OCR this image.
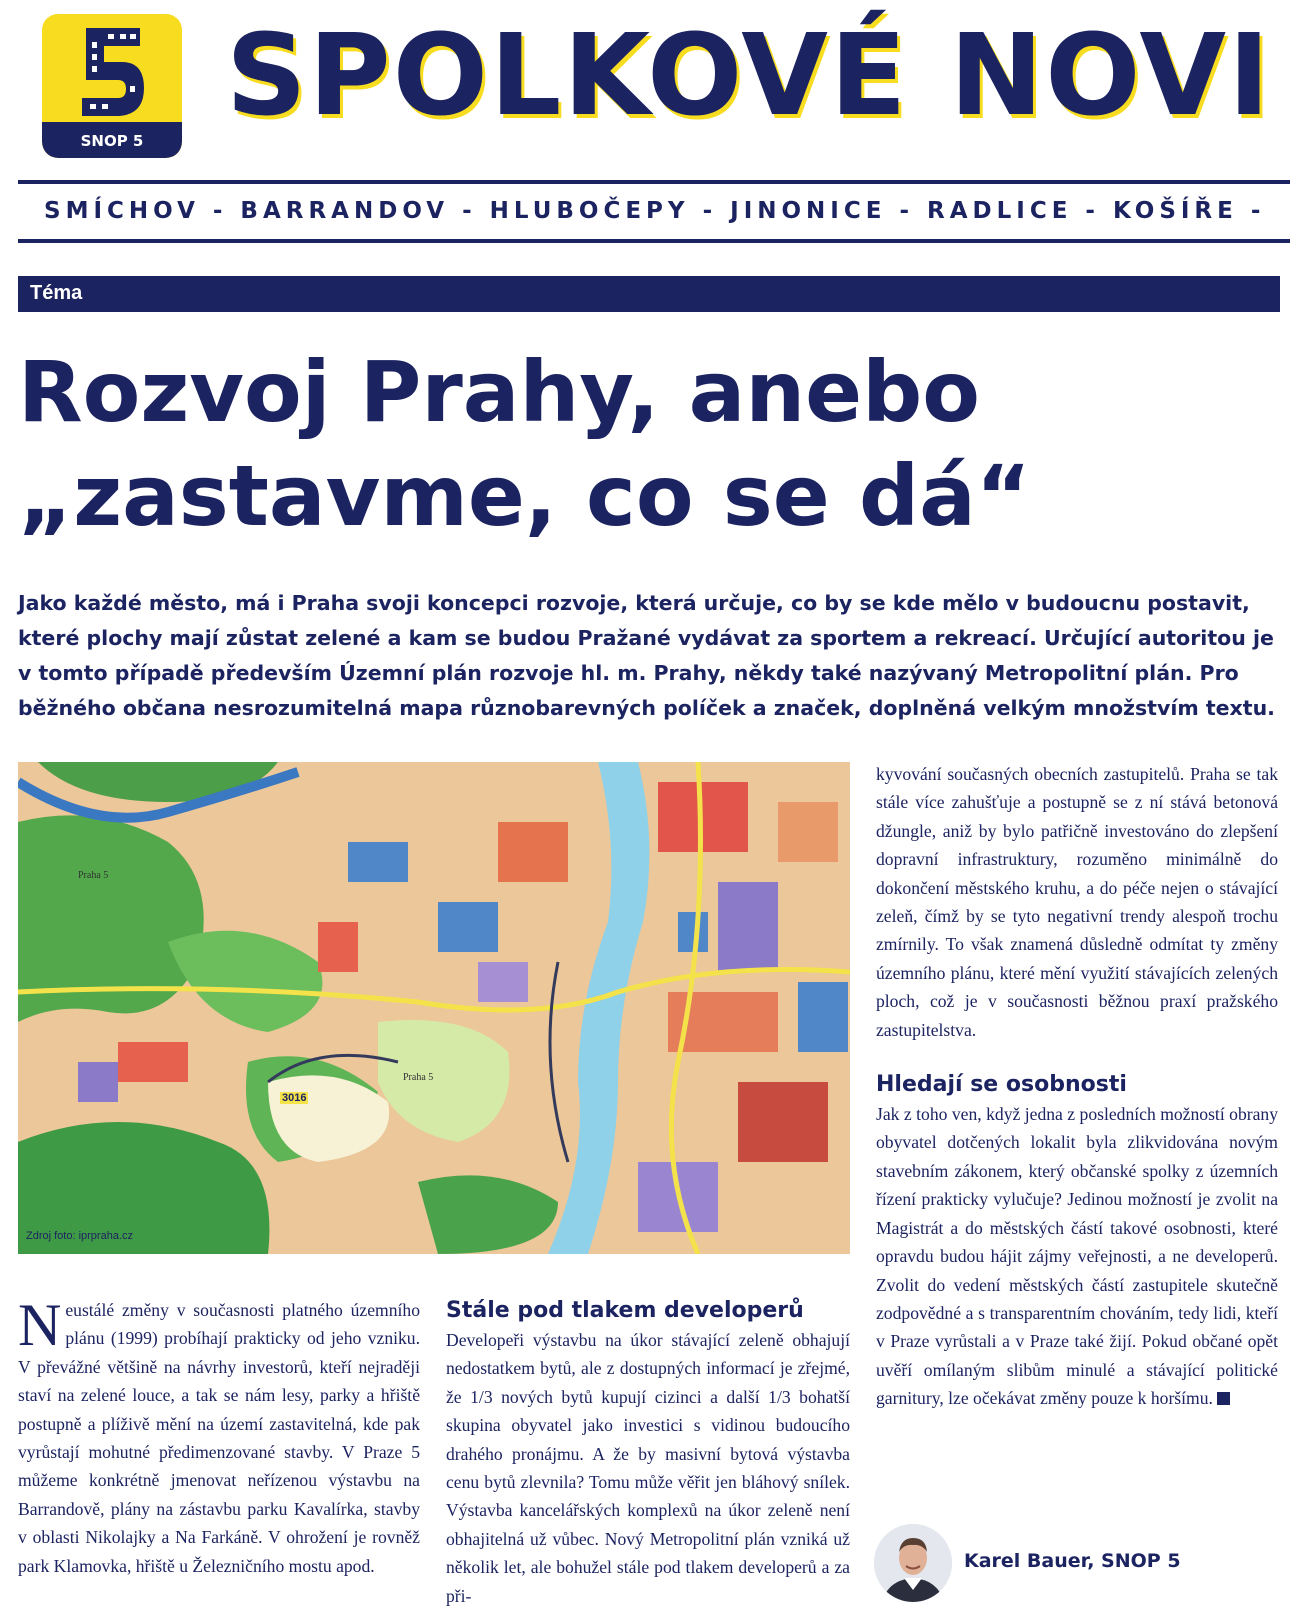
SNOP 5 SPOLKOVÉ NOVI
SMÍCHOV - BARRANDOV - HLUBOČEPY - JINONICE - RADLICE - KOŠÍŘE -
Téma
Rozvoj Prahy, anebo
„zastavme, co se dá“

Jako každé město, má i Praha svoji koncepci rozvoje, která určuje, co by se kde mělo v budoucnu postavit, které plochy mají zůstat zelené a kam se budou Pražané vydávat za sportem a rekreací. Určující autoritou je v tomto případě především Územní plán rozvoje hl. m. Prahy, někdy také nazývaný Metropolitní plán. Pro běžného občana nesrozumitelná mapa různobarevných políček a značek, doplněná velkým množstvím textu.

Praha 5
Praha 5
3016
Zdroj foto: iprpraha.cz
N eustálé změny v současnosti platného územního plánu (1999) probíhají prakticky od jeho vzniku. V převážné většině na návrhy investorů, kteří nejraději staví na zelené louce, a tak se nám lesy, parky a hřiště postupně a plíživě mění na území zastavitelná, kde pak vyrůstají mohutné předimenzované stavby. V Praze 5 můžeme konkrétně jmenovat neřízenou výstavbu na Barrandově, plány na zástavbu parku Kavalírka, stavby v oblasti Nikolajky a Na Farkáně. V ohrožení je rovněž park Klamovka, hřiště u Železničního mostu apod.
Stále pod tlakem developerů
Developeři výstavbu na úkor stávající zeleně obhajují nedostatkem bytů, ale z dostupných informací je zřejmé, že 1/3 nových bytů kupují cizinci a další 1/3 bohatší skupina obyvatel jako investici s vidinou budoucího drahého pronájmu. A že by masivní bytová výstavba cenu bytů zlevnila? Tomu může věřit jen bláhový snílek. Výstavba kancelářských komplexů na úkor zeleně není obhajitelná už vůbec. Nový Metropolitní plán vzniká už několik let, ale bohužel stále pod tlakem developerů a za při-
kyvování současných obecních zastupitelů. Praha se tak stále více zahušťuje a postupně se z ní stává betonová džungle, aniž by bylo patřičně investováno do zlepšení dopravní infrastruktury, rozuměno minimálně do dokončení městského kruhu, a do péče nejen o stávající zeleň, čímž by se tyto negativní trendy alespoň trochu zmírnily. To však znamená důsledně odmítat ty změny územního plánu, které mění využití stávajících zelených ploch, což je v současnosti běžnou praxí pražského zastupitelstva.
Hledají se osobnosti
Jak z toho ven, když jedna z posledních možností obrany obyvatel dotčených lokalit byla zlikvidována novým stavebním zákonem, který občanské spolky z územních řízení prakticky vylučuje? Jedinou možností je zvolit na Magistrát a do městských částí takové osobnosti, které opravdu budou hájit zájmy veřejnosti, a ne developerů. Zvolit do vedení městských částí zastupitele skutečně zodpovědné a s transparentním chováním, tedy lidi, kteří v Praze vyrůstali a v Praze také žijí. Pokud občané opět uvěří omílaným slibům minulé a stávající politické garnitury, lze očekávat změny pouze k horšímu.
Karel Bauer, SNOP 5
